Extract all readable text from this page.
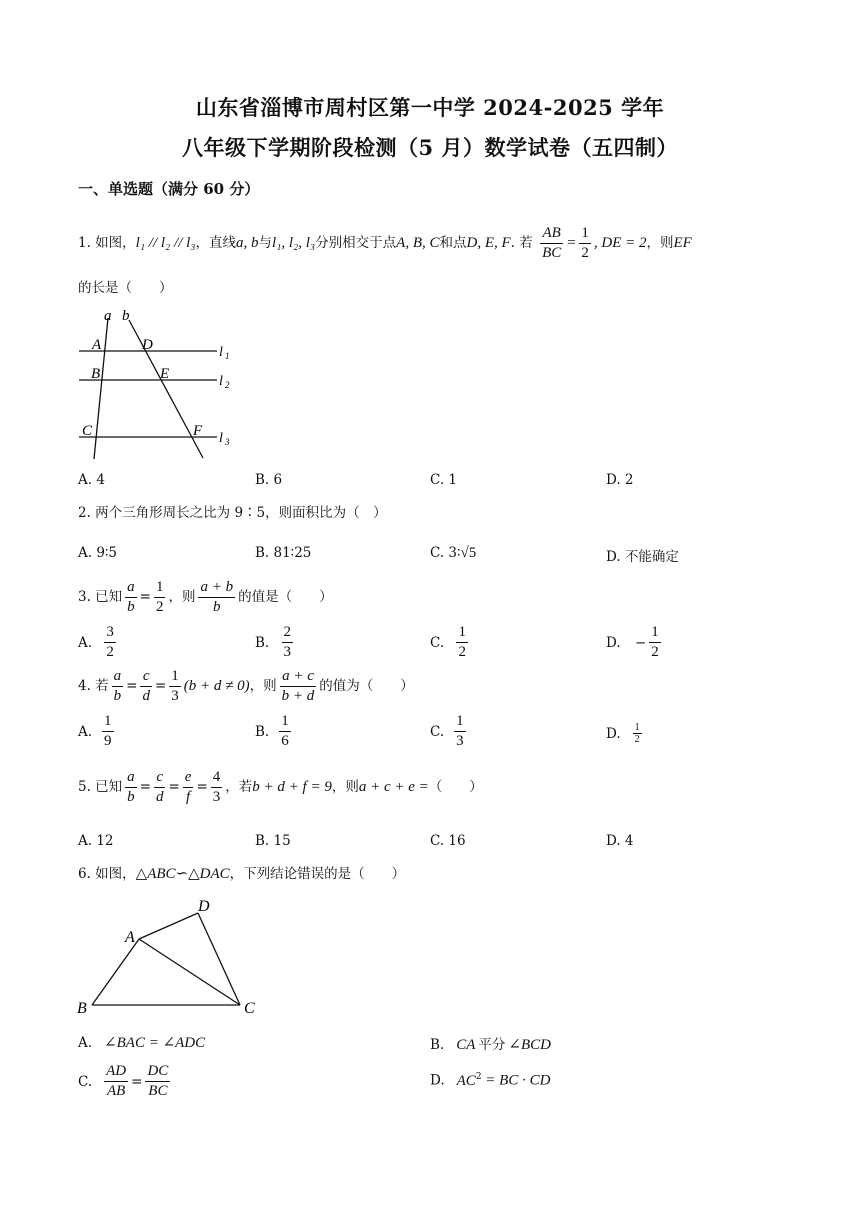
山东省淄博市周村区第一中学 2024-2025 学年
八年级下学期阶段检测（5 月）数学试卷（五四制）
一、单选题（满分 60 分）
1. 如图，l₁ // l₂ // l₃，直线a, b与l₁, l₂, l₃分别相交于点A, B, C和点D, E, F. 若 $\frac{AB}{BC} = \frac{1}{2}$ , DE = 2，则EF
的长是（　　）
a b
A
B
C
D
E
F
l 1
l 2
l 3
A. 4	B. 6	C. 1	D. 2
2. 两个三角形周长之比为 9∶5，则面积比为（　）
A. 9∶5	B. 81∶25	C. 3∶√5	D. 不能确定
3. 已知 $\frac{a}{b} = \frac{1}{2}$ ，则 $\frac{a + b}{b}$ 的值是（　　）
A. $\frac{3}{2}$	B. $\frac{2}{3}$	C. $\frac{1}{2}$	D. − $\frac{1}{2}$
4. 若 $\frac{a}{b} = \frac{c}{d} = \frac{1}{3} (b + d \ne 0)$，则 $\frac{a + c}{b + d}$ 的值为（　　）
A. $\frac{1}{9}$	B. $\frac{1}{6}$	C. $\frac{1}{3}$	D. $\frac{1}{2}$
5. 已知 $\frac{a}{b} = \frac{c}{d} = \frac{e}{f} = \frac{4}{3}$ ，若b + d + f = 9，则a + c + e =（　　）
A. 12	B. 15	C. 16	D. 4
6. 如图，△ABC∽△DAC，下列结论错误的是（　　）
A
D
B	C
A. ∠BAC = ∠ADC	B. CA 平分 ∠BCD
C. $\frac{AD}{AB} = \frac{DC}{BC}$	D. $AC^2$ = BC · CD
